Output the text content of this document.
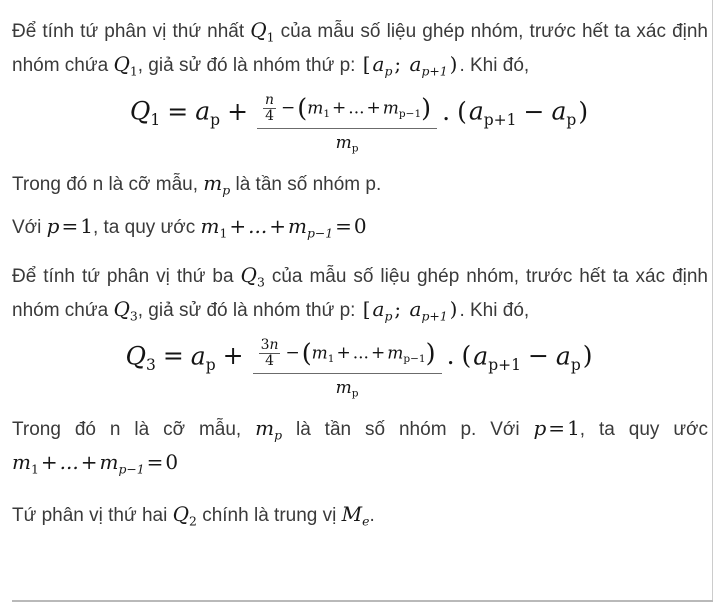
Để tính tứ phân vị thứ nhất $Q_1$ của mẫu số liệu ghép nhóm, trước hết ta xác định nhóm chứa $Q_1$, giả sử đó là nhóm thứ p: [ $a_p$ ; $a_{p+1}$ ) . Khi đó,

$Q_1 = a_p + \frac{\frac{n}{4} -(m_1 + ... + m_{p-1})}{m_p}$ . $(a_{p+1} - a_p)$

Trong đó n là cỡ mẫu, $m_p$ là tần số nhóm p.

Với p = 1, ta quy ước $m_1$ + ... + $m_{p-1} = 0$

Để tính tứ phân vị thứ ba $Q_3$ của mẫu số liệu ghép nhóm, trước hết ta xác định nhóm chứa $Q_3$, giả sử đó là nhóm thứ p: [ $a_p$ ; $a_{p+1}$ ) . Khi đó,

$Q_3 = a_p + \frac{\frac{3n}{4} -(m_1 + ... + m_{p-1})}{m_p}$ . $(a_{p+1} - a_p)$

Trong đó n là cỡ mẫu, $m_p$ là tần số nhóm p. Với p = 1, ta quy ước $m_1$ + ... + $m_{p-1} = 0$

Tứ phân vị thứ hai $Q_2$ chính là trung vị $M_e$.
